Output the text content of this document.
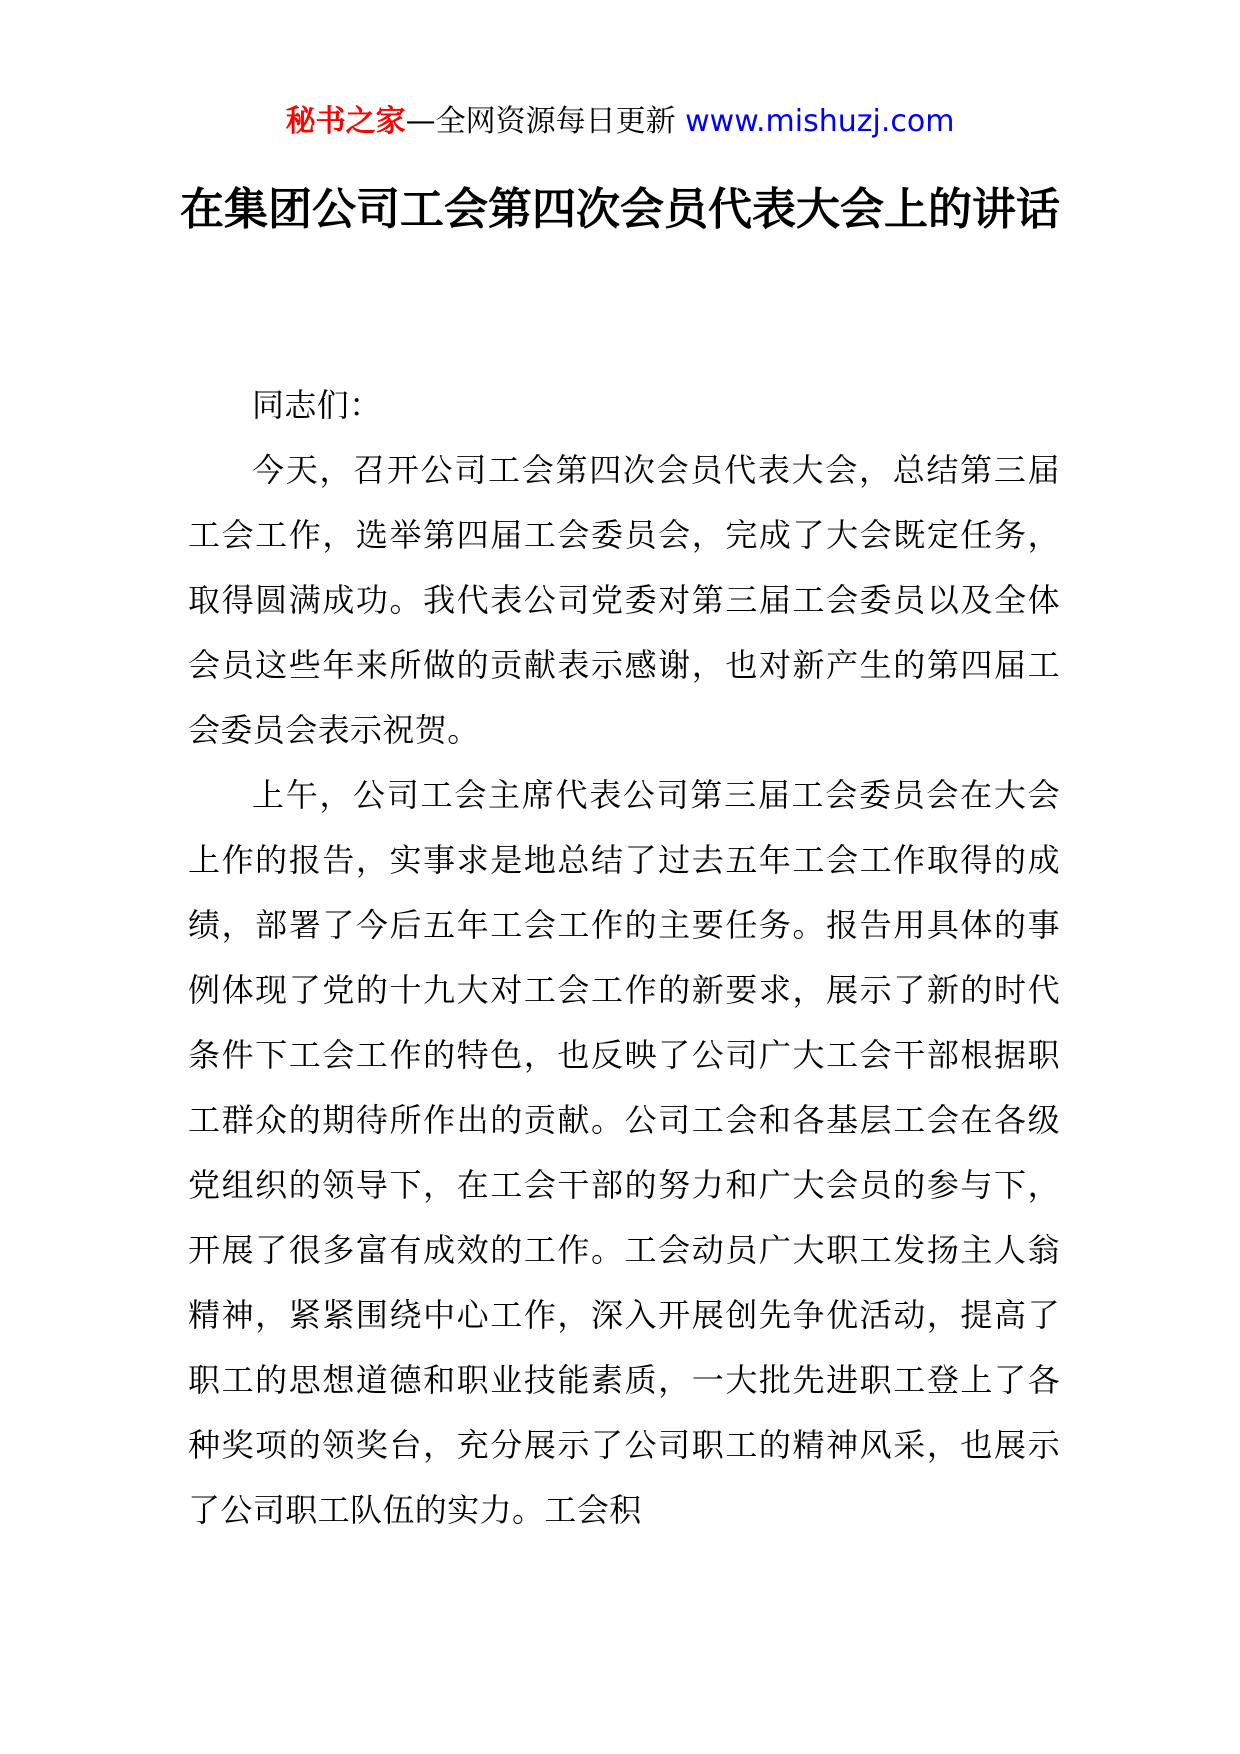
秘书之家—全网资源每日更新 www.mishuzj.com
在集团公司工会第四次会员代表大会上的讲话

同志们：

今天，召开公司工会第四次会员代表大会，总结第三届工会工作，选举第四届工会委员会，完成了大会既定任务，取得圆满成功。我代表公司党委对第三届工会委员以及全体会员这些年来所做的贡献表示感谢，也对新产生的第四届工会委员会表示祝贺。

上午，公司工会主席代表公司第三届工会委员会在大会上作的报告，实事求是地总结了过去五年工会工作取得的成绩，部署了今后五年工会工作的主要任务。报告用具体的事例体现了党的十九大对工会工作的新要求，展示了新的时代条件下工会工作的特色，也反映了公司广大工会干部根据职工群众的期待所作出的贡献。公司工会和各基层工会在各级党组织的领导下，在工会干部的努力和广大会员的参与下，开展了很多富有成效的工作。工会动员广大职工发扬主人翁精神，紧紧围绕中心工作，深入开展创先争优活动，提高了职工的思想道德和职业技能素质，一大批先进职工登上了各种奖项的领奖台，充分展示了公司职工的精神风采，也展示了公司职工队伍的实力。工会积
